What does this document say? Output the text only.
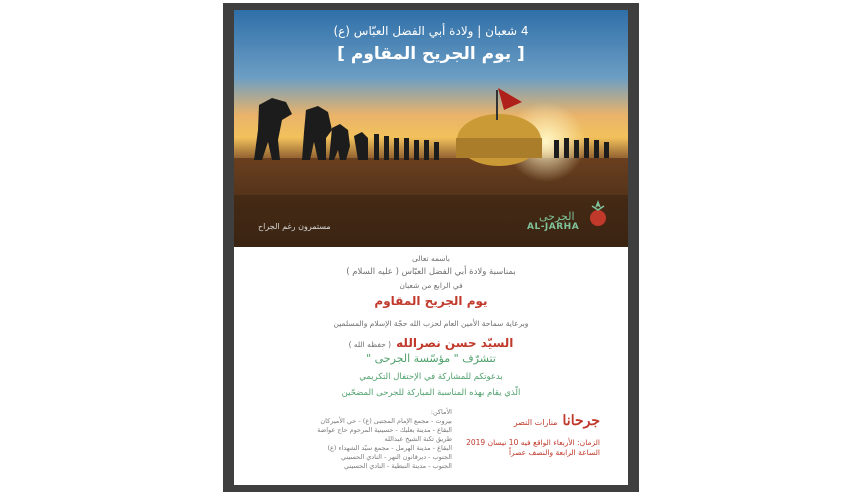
4 شعبان | ولادة أبي الفضل العبّاس (ع)
[ يوم الجريح المقاوم ]
الجرحى
AL-JARHA
مستمرون رغم الجراح
باسمه تعالى
بمناسبة ولادة أبي الفضل العبّاس ( عليه السلام )
في الرابع من شعبان
يوم الجريح المقاوم
وبرعاية سماحة الأمين العام لحزب الله حجّة الإسلام والمسلمين
السيّد حسن نصرالله ( حفظه الله )
تتشرّف " مؤسّسة الجرحى "
بدعوتكم للمشاركة في الإحتفال التكريمي
الّذي يقام بهذه المناسبة المباركة للجرحى المضحّين
الأماكن:
بيروت - مجمع الإمام المجتبى (ع) - حي الأميركان
البقاع - مدينة بعلبك - حسينية المرحوم حاج عواضة
طريق ثكنة الشيخ عبدالله
البقاع - مدينة الهرمل - مجمع سيّد الشهداء (ع)
الجنوب - ديرقانون النهر - النادي الحسيني
الجنوب - مدينة النبطية - النادي الحسيني
جرحانا منارات النصر
الزمان: الأربعاء الواقع فيه 10 نيسان 2019
الساعة الرابعة والنصف عصراً
